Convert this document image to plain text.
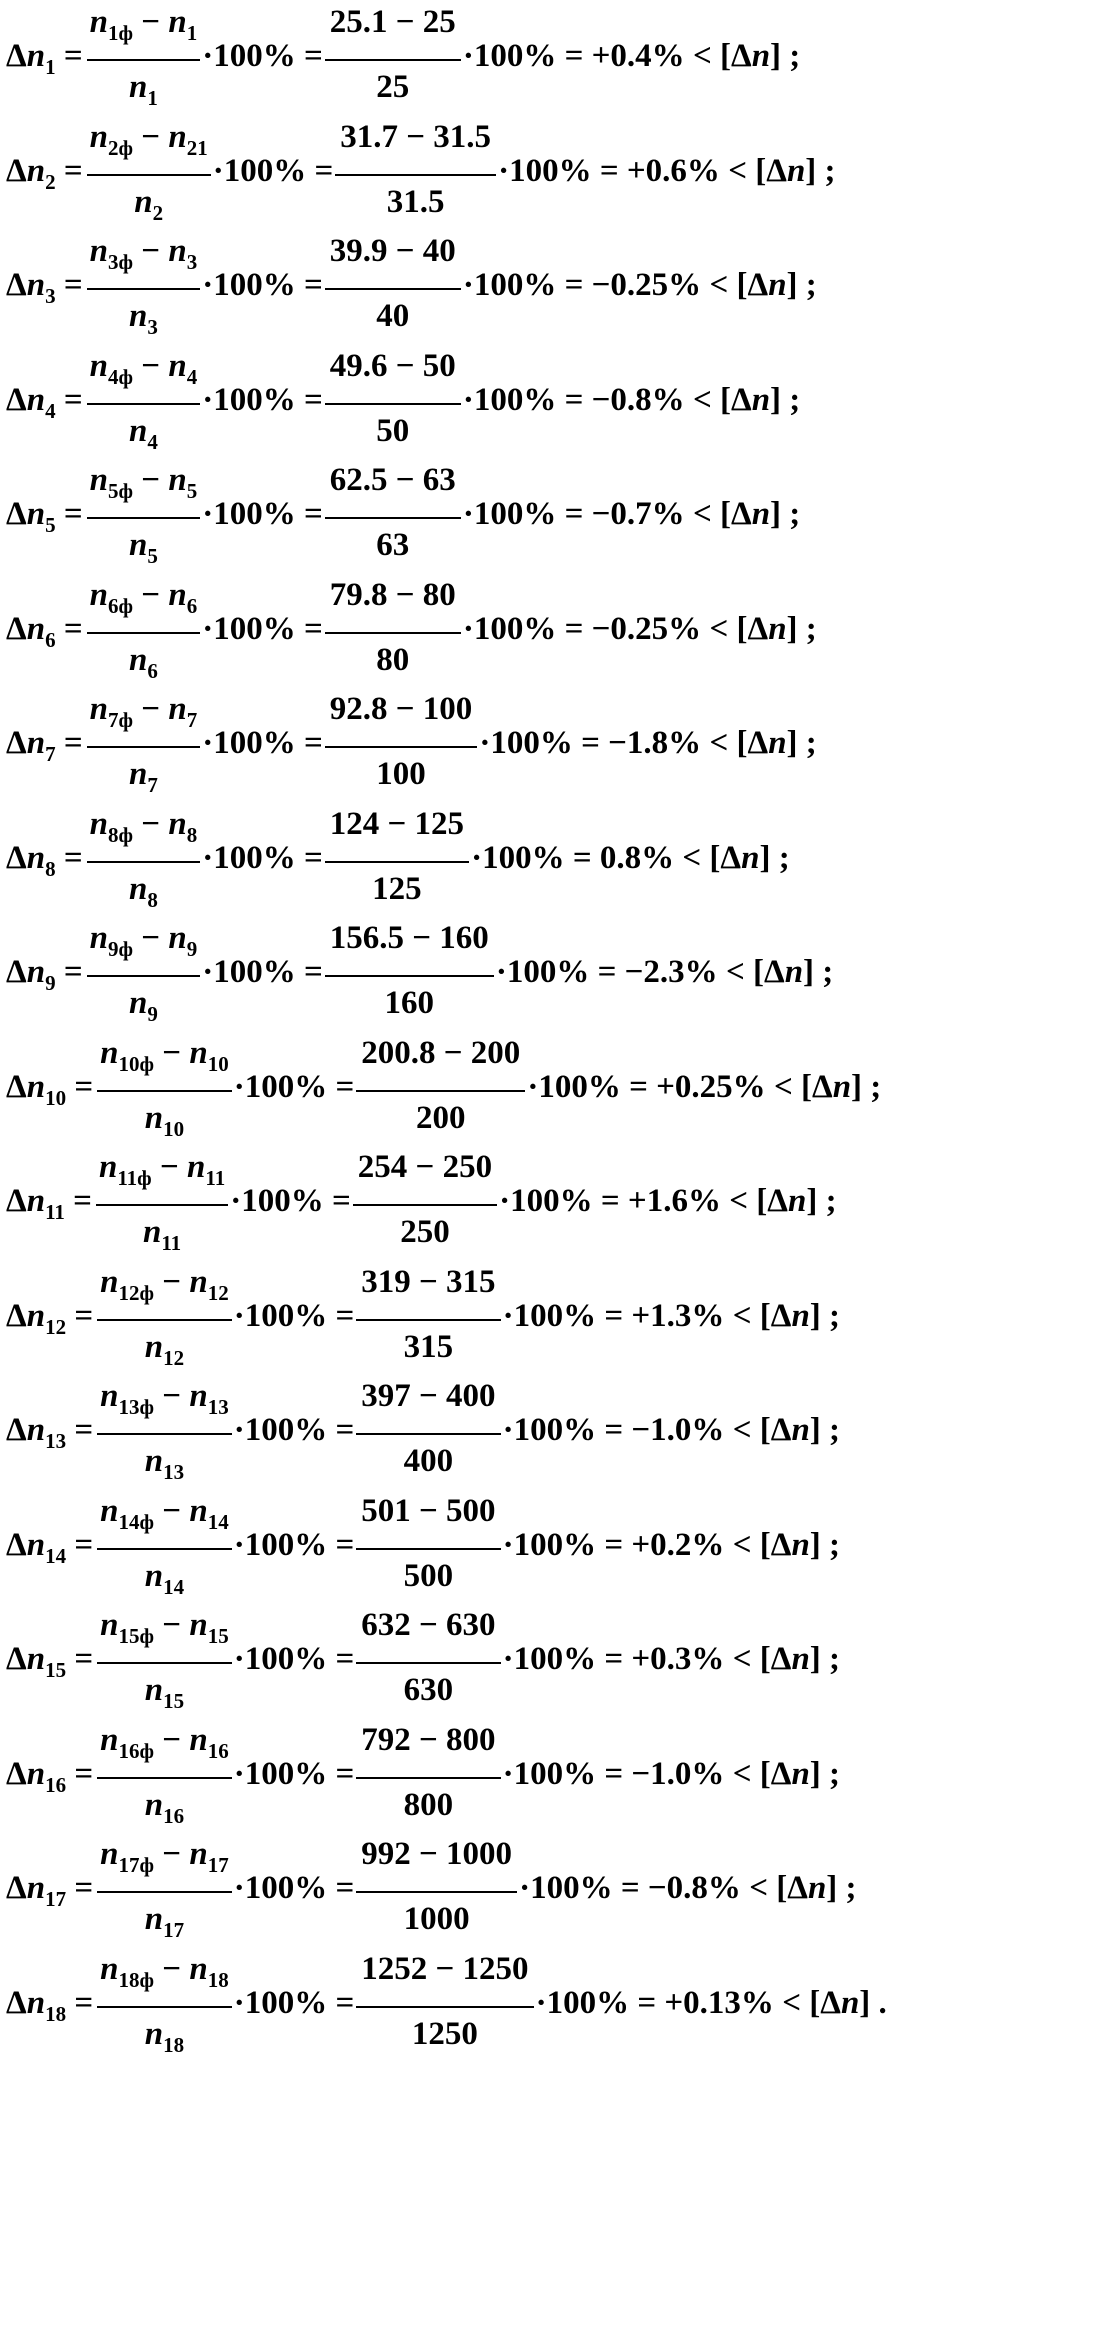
$\Delta n_1$ =
$n_{1ф} - n_1$
$n_1$
·100% =
25.1 − 25
25
·100% = +0.4% < [Δn] ;
$\Delta n_2$ =
$n_{2ф} - n_{21}$
$n_2$
·100% =
31.7 − 31.5
31.5
·100% = +0.6% < [Δn] ;
$\Delta n_3$ =
$n_{3ф} - n_3$
$n_3$
·100% =
39.9 − 40
40
·100% = −0.25% < [Δn] ;
$\Delta n_4$ =
$n_{4ф} - n_4$
$n_4$
·100% =
49.6 − 50
50
·100% = −0.8% < [Δn] ;
$\Delta n_5$ =
$n_{5ф} - n_5$
$n_5$
·100% =
62.5 − 63
63
·100% = −0.7% < [Δn] ;
$\Delta n_6$ =
$n_{6ф} - n_6$
$n_6$
·100% =
79.8 − 80
80
·100% = −0.25% < [Δn] ;
$\Delta n_7$ =
$n_{7ф} - n_7$
$n_7$
·100% =
92.8 − 100
100
·100% = −1.8% < [Δn] ;
$\Delta n_8$ =
$n_{8ф} - n_8$
$n_8$
·100% =
124 − 125
125
·100% = 0.8% < [Δn] ;
$\Delta n_9$ =
$n_{9ф} - n_9$
$n_9$
·100% =
156.5 − 160
160
·100% = −2.3% < [Δn] ;
$\Delta n_{10}$ =
$n_{10ф} - n_{10}$
$n_{10}$
·100% =
200.8 − 200
200
·100% = +0.25% < [Δn] ;
$\Delta n_{11}$ =
$n_{11ф} - n_{11}$
$n_{11}$
·100% =
254 − 250
250
·100% = +1.6% < [Δn] ;
$\Delta n_{12}$ =
$n_{12ф} - n_{12}$
$n_{12}$
·100% =
319 − 315
315
·100% = +1.3% < [Δn] ;
$\Delta n_{13}$ =
$n_{13ф} - n_{13}$
$n_{13}$
·100% =
397 − 400
400
·100% = −1.0% < [Δn] ;
$\Delta n_{14}$ =
$n_{14ф} - n_{14}$
$n_{14}$
·100% =
501 − 500
500
·100% = +0.2% < [Δn] ;
$\Delta n_{15}$ =
$n_{15ф} - n_{15}$
$n_{15}$
·100% =
632 − 630
630
·100% = +0.3% < [Δn] ;
$\Delta n_{16}$ =
$n_{16ф} - n_{16}$
$n_{16}$
·100% =
792 − 800
800
·100% = −1.0% < [Δn] ;
$\Delta n_{17}$ =
$n_{17ф} - n_{17}$
$n_{17}$
·100% =
992 − 1000
1000
·100% = −0.8% < [Δn] ;
$\Delta n_{18}$ =
$n_{18ф} - n_{18}$
$n_{18}$
·100% =
1252 − 1250
1250
·100% = +0.13% < [Δn] .
